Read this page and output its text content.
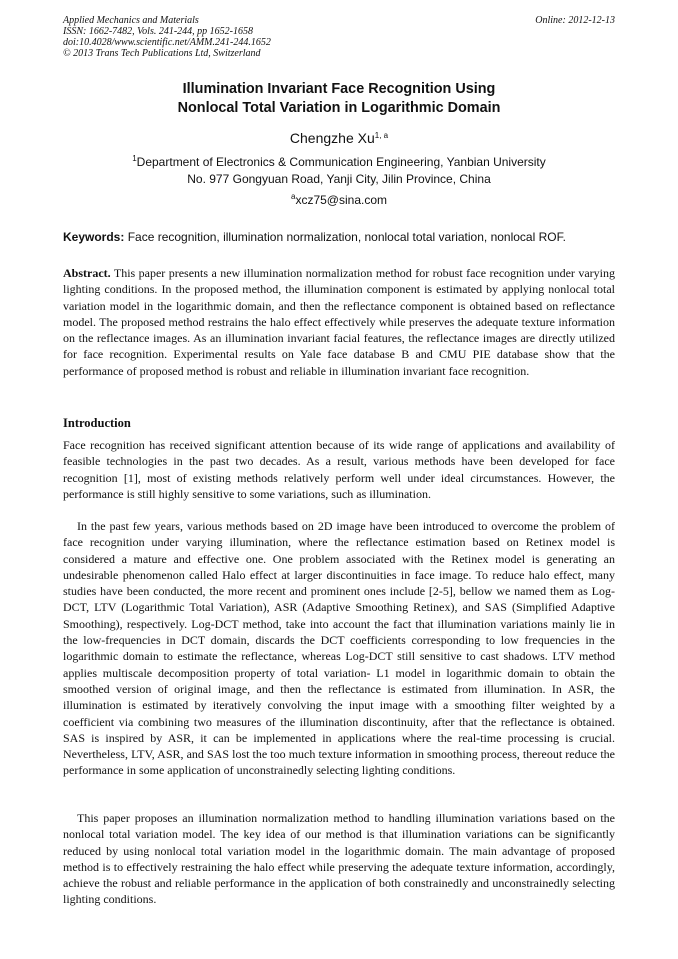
Applied Mechanics and Materials
ISSN: 1662-7482, Vols. 241-244, pp 1652-1658
doi:10.4028/www.scientific.net/AMM.241-244.1652
© 2013 Trans Tech Publications Ltd, Switzerland
Online: 2012-12-13
Illumination Invariant Face Recognition Using
Nonlocal Total Variation in Logarithmic Domain
Chengzhe Xu$^{1, a}$
$^1$Department of Electronics & Communication Engineering, Yanbian University
No. 977 Gongyuan Road, Yanji City, Jilin Province, China
$^a$xcz75@sina.com
Keywords: Face recognition, illumination normalization, nonlocal total variation, nonlocal ROF.
Abstract. This paper presents a new illumination normalization method for robust face recognition under varying lighting conditions. In the proposed method, the illumination component is estimated by applying nonlocal total variation model in the logarithmic domain, and then the reflectance component is obtained based on reflectance model. The proposed method restrains the halo effect effectively while preserves the adequate texture information on the reflectance images. As an illumination invariant facial features, the reflectance images are directly utilized for face recognition. Experimental results on Yale face database B and CMU PIE database show that the performance of proposed method is robust and reliable in illumination invariant face recognition.
Introduction
Face recognition has received significant attention because of its wide range of applications and availability of feasible technologies in the past two decades. As a result, various methods have been developed for face recognition [1], most of existing methods relatively perform well under ideal circumstances. However, the performance is still highly sensitive to some variations, such as illumination.
In the past few years, various methods based on 2D image have been introduced to overcome the problem of face recognition under varying illumination, where the reflectance estimation based on Retinex model is considered a mature and effective one. One problem associated with the Retinex model is generating an undesirable phenomenon called Halo effect at larger discontinuities in face image. To reduce halo effect, many studies have been conducted, the more recent and prominent ones include [2-5], bellow we named them as Log-DCT, LTV (Logarithmic Total Variation), ASR (Adaptive Smoothing Retinex), and SAS (Simplified Adaptive Smoothing), respectively. Log-DCT method, take into account the fact that illumination variations mainly lie in the low-frequencies in DCT domain, discards the DCT coefficients corresponding to low frequencies in the logarithmic domain to estimate the reflectance, whereas Log-DCT still sensitive to cast shadows. LTV method applies multiscale decomposition property of total variation- L1 model in logarithmic domain to obtain the smoothed version of original image, and then the reflectance is estimated from illumination. In ASR, the illumination is estimated by iteratively convolving the input image with a smoothing filter weighted by a coefficient via combining two measures of the illumination discontinuity, after that the reflectance is obtained. SAS is inspired by ASR, it can be implemented in applications where the real-time processing is crucial. Nevertheless, LTV, ASR, and SAS lost the too much texture information in smoothing process, thereout reduce the performance in some application of unconstrainedly selecting lighting conditions.
This paper proposes an illumination normalization method to handling illumination variations based on the nonlocal total variation model. The key idea of our method is that illumination variations can be significantly reduced by using nonlocal total variation model in the logarithmic domain. The main advantage of proposed method is to effectively restraining the halo effect while preserving the adequate texture information, accordingly, achieve the robust and reliable performance in the application of both constrainedly and unconstrainedly selecting lighting conditions.
